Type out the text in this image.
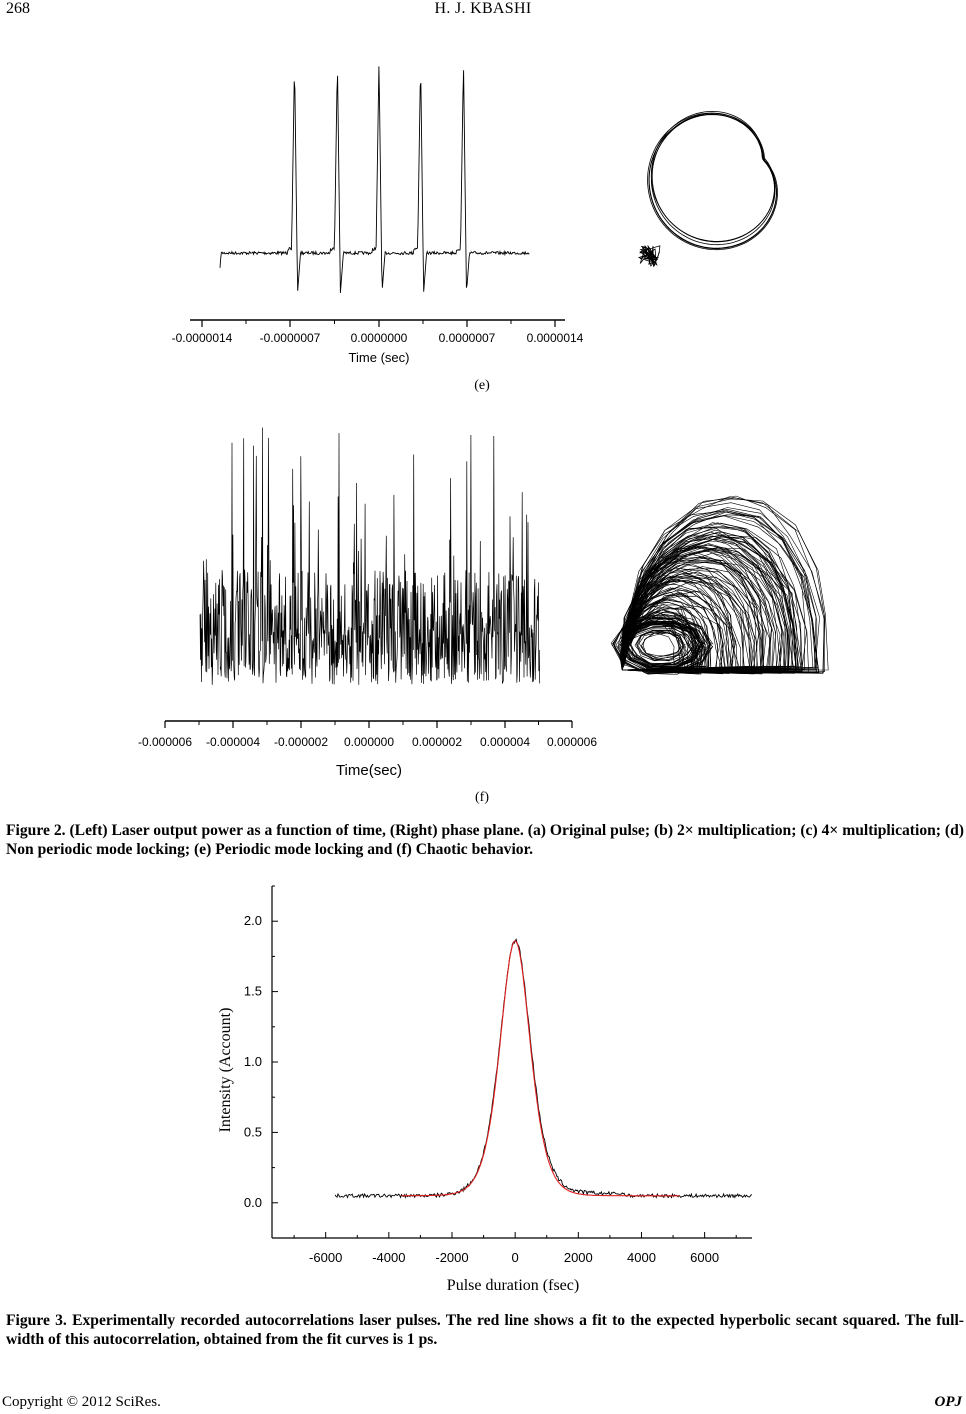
268	H. J. KBASHI
-0.0000014 -0.0000007	0.0000000	0.0000007	0.0000014
Time (sec)
(e)
-0.000006 -0.000004 -0.000002 0.000000 0.000002 0.000004 0.000006
Time(sec)
(f)
Figure 2. (Left) Laser output power as a function of time, (Right) phase plane. (a) Original pulse; (b) 2× multiplication; (c) 4× multiplication; (d) Non periodic mode locking; (e) Periodic mode locking and (f) Chaotic behavior.
-6000 -4000 -2000	0	2000	4000	6000
0.0
0.5
1.0
1.5
2.0
Pulse duration (fsec)
Intensity (Account)
Figure 3. Experimentally recorded autocorrelations laser pulses. The red line shows a fit to the expected hyperbolic secant squared. The full-width of this autocorrelation, obtained from the fit curves is 1 ps.
Copyright © 2012 SciRes.	OPJ
